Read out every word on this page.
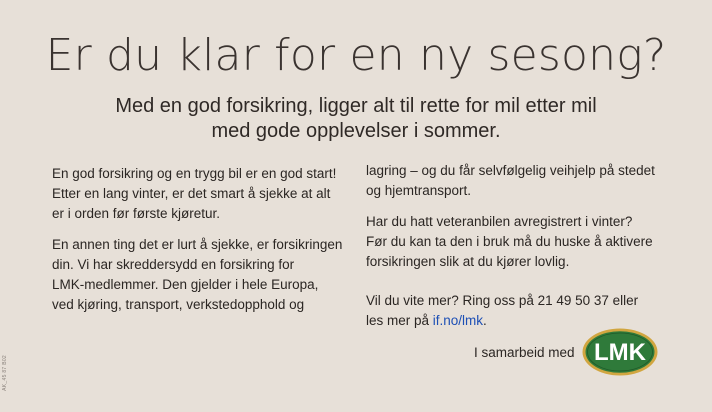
Er du klar for en ny sesong?
Med en god forsikring, ligger alt til rette for mil etter mil
med gode opplevelser i sommer.

En god forsikring og en trygg bil er en god start!
Etter en lang vinter, er det smart å sjekke at alt
er i orden før første kjøretur.

En annen ting det er lurt å sjekke, er forsikringen
din. Vi har skreddersydd en forsikring for
LMK-medlemmer. Den gjelder i hele Europa,
ved kjøring, transport, verkstedopphold og

lagring – og du får selvfølgelig veihjelp på stedet
og hjemtransport.

Har du hatt veteranbilen avregistrert i vinter?
Før du kan ta den i bruk må du huske å aktivere
forsikringen slik at du kjører lovlig.

Vil du vite mer? Ring oss på 21 49 50 37 eller
les mer på if.no/lmk.

I samarbeid med LMK
AK_45 87 B02
